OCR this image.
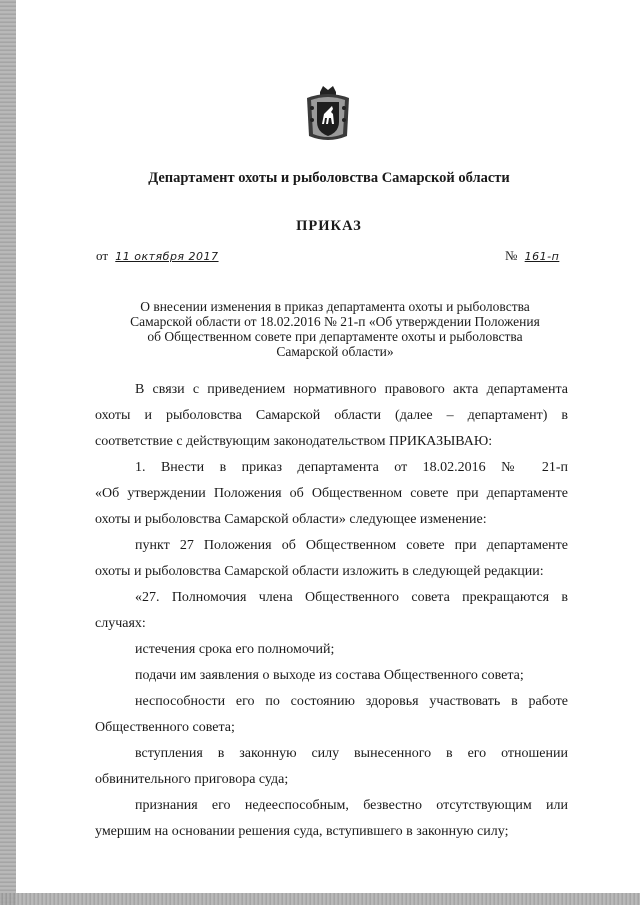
Департамент охоты и рыболовства Самарской области
ПРИКАЗ
от 11 октября 2017	№ 161-п
О внесении изменения в приказ департамента охоты и рыболовства
Самарской области от 18.02.2016 № 21-п «Об утверждении Положения
об Общественном совете при департаменте охоты и рыболовства
Самарской области»
В связи с приведением нормативного правового акта департамента
охоты и рыболовства Самарской области (далее – департамент) в
соответствие с действующим законодательством ПРИКАЗЫВАЮ:
1. Внести в приказ департамента от 18.02.2016 № 21-п
«Об утверждении Положения об Общественном совете при департаменте
охоты и рыболовства Самарской области» следующее изменение:
пункт 27 Положения об Общественном совете при департаменте
охоты и рыболовства Самарской области изложить в следующей редакции:
«27. Полномочия члена Общественного совета прекращаются в
случаях:
истечения срока его полномочий;
подачи им заявления о выходе из состава Общественного совета;
неспособности его по состоянию здоровья участвовать в работе
Общественного совета;
вступления в законную силу вынесенного в его отношении
обвинительного приговора суда;
признания его недееспособным, безвестно отсутствующим или
умершим на основании решения суда, вступившего в законную силу;
